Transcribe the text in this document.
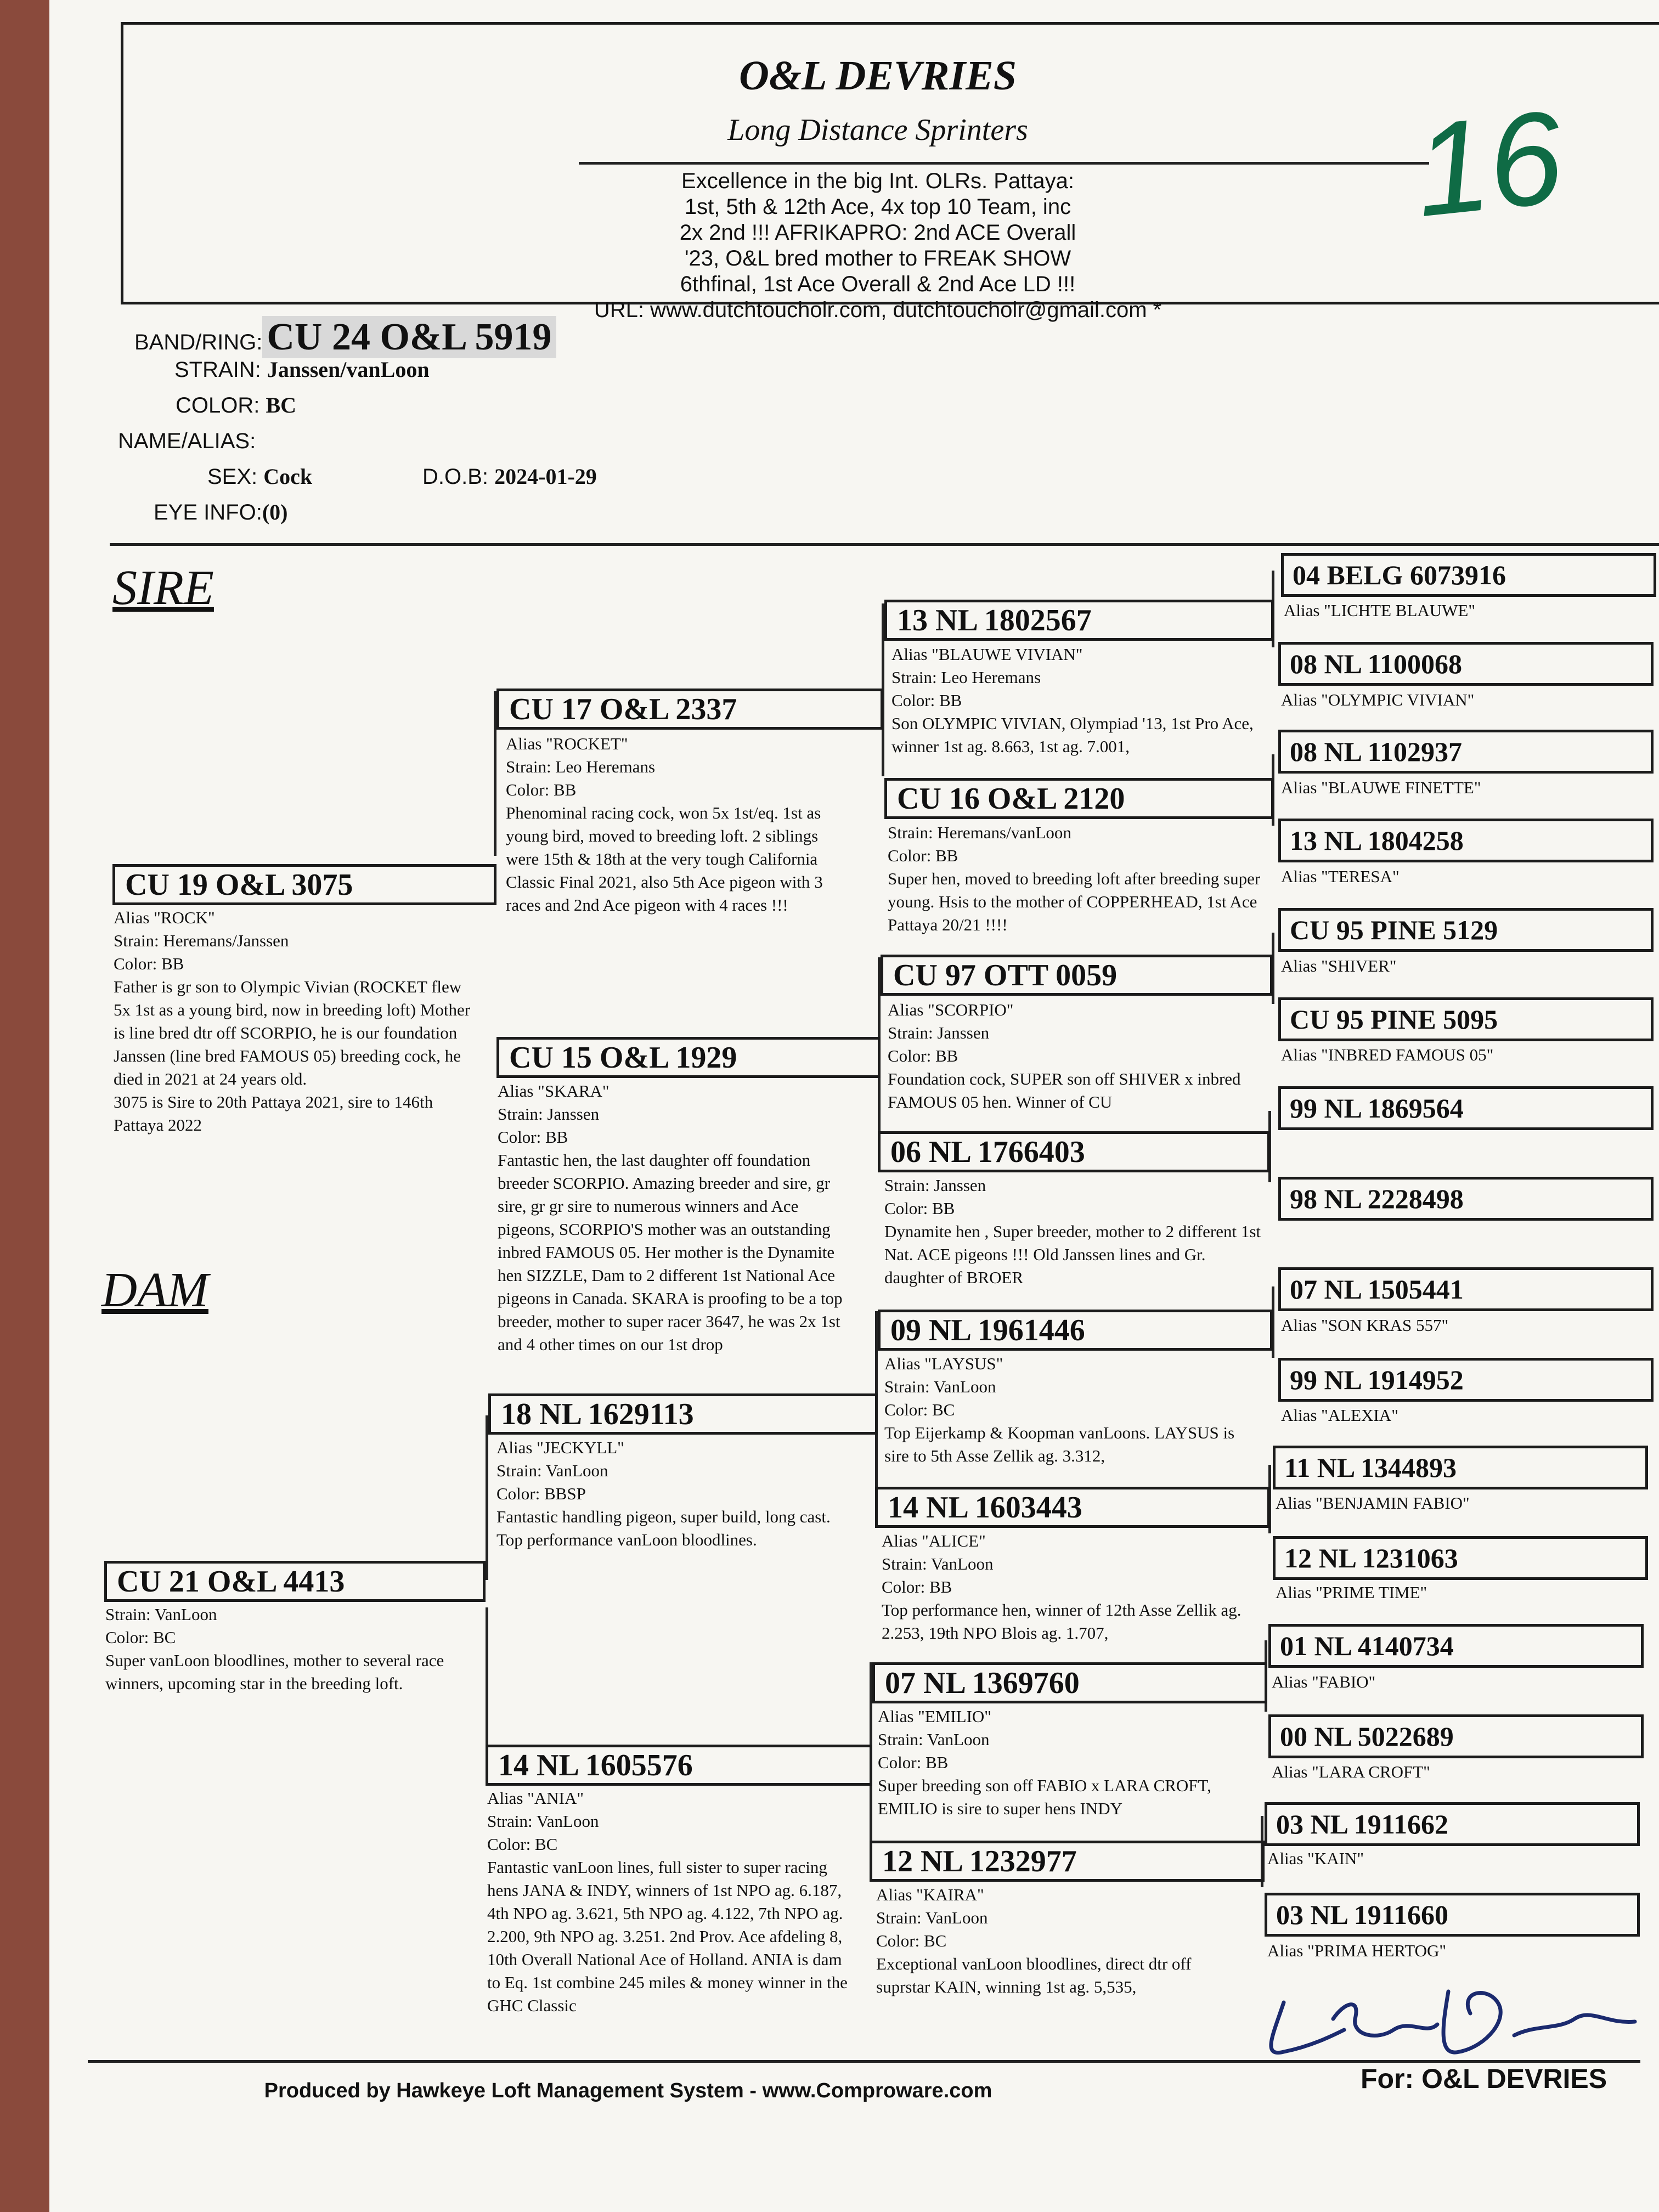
O&L DEVRIES
Long Distance Sprinters
Excellence in the big Int. OLRs. Pattaya:
1st, 5th & 12th Ace, 4x top 10 Team, inc
2x 2nd !!! AFRIKAPRO: 2nd ACE Overall
'23, O&L bred mother to FREAK SHOW
6thfinal, 1st Ace Overall & 2nd Ace LD !!!
URL: www.dutchtoucholr.com, dutchtoucholr@gmail.com *
16
BAND/RING: CU 24 O&L 5919
STRAIN: Janssen/vanLoon
COLOR: BC
NAME/ALIAS:
SEX: Cock	D.O.B: 2024-01-29
EYE INFO:(0)
SIRE
DAM
CU 19 O&L 3075
Alias "ROCK"
Strain: Heremans/Janssen
Color: BB
Father is gr son to Olympic Vivian (ROCKET flew 5x 1st as a young bird, now in breeding loft) Mother is line bred dtr off SCORPIO, he is our foundation Janssen (line bred FAMOUS 05) breeding cock, he died in 2021 at 24 years old.
3075 is Sire to 20th Pattaya 2021, sire to 146th Pattaya 2022
CU 21 O&L 4413
Strain: VanLoon
Color: BC
Super vanLoon bloodlines, mother to several race winners, upcoming star in the breeding loft.
CU 17 O&L 2337
Alias "ROCKET"
Strain: Leo Heremans
Color: BB
Phenominal racing cock, won 5x 1st/eq. 1st as young bird, moved to breeding loft. 2 siblings were 15th & 18th at the very tough California Classic Final 2021, also 5th Ace pigeon with 3 races and 2nd Ace pigeon with 4 races !!!
CU 15 O&L 1929
Alias "SKARA"
Strain: Janssen
Color: BB
Fantastic hen, the last daughter off foundation breeder SCORPIO. Amazing breeder and sire, gr sire, gr gr sire to numerous winners and Ace pigeons, SCORPIO'S mother was an outstanding inbred FAMOUS 05. Her mother is the Dynamite hen SIZZLE, Dam to 2 different 1st National Ace pigeons in Canada. SKARA is proofing to be a top breeder, mother to super racer 3647, he was 2x 1st and 4 other times on our 1st drop
18 NL 1629113
Alias "JECKYLL"
Strain: VanLoon
Color: BBSP
Fantastic handling pigeon, super build, long cast. Top performance vanLoon bloodlines.
14 NL 1605576
Alias "ANIA"
Strain: VanLoon
Color: BC
Fantastic vanLoon lines, full sister to super racing hens JANA & INDY, winners of 1st NPO ag. 6.187, 4th NPO ag. 3.621, 5th NPO ag. 4.122, 7th NPO ag. 2.200, 9th NPO ag. 3.251. 2nd Prov. Ace afdeling 8, 10th Overall National Ace of Holland. ANIA is dam to Eq. 1st combine 245 miles & money winner in the GHC Classic
13 NL 1802567
Alias "BLAUWE VIVIAN"
Strain: Leo Heremans
Color: BB
Son OLYMPIC VIVIAN, Olympiad '13, 1st Pro Ace, winner 1st ag. 8.663, 1st ag. 7.001,
CU 16 O&L 2120
Strain: Heremans/vanLoon
Color: BB
Super hen, moved to breeding loft after breeding super young. Hsis to the mother of COPPERHEAD, 1st Ace Pattaya 20/21 !!!!
CU 97 OTT 0059
Alias "SCORPIO"
Strain: Janssen
Color: BB
Foundation cock, SUPER son off SHIVER x inbred FAMOUS 05 hen. Winner of CU
06 NL 1766403
Strain: Janssen
Color: BB
Dynamite hen , Super breeder, mother to 2 different 1st Nat. ACE pigeons !!! Old Janssen lines and Gr. daughter of BROER
09 NL 1961446
Alias "LAYSUS"
Strain: VanLoon
Color: BC
Top Eijerkamp & Koopman vanLoons. LAYSUS is sire to 5th Asse Zellik ag. 3.312,
14 NL 1603443
Alias "ALICE"
Strain: VanLoon
Color: BB
Top performance hen, winner of 12th Asse Zellik ag. 2.253, 19th NPO Blois ag. 1.707,
07 NL 1369760
Alias "EMILIO"
Strain: VanLoon
Color: BB
Super breeding son off FABIO x LARA CROFT, EMILIO is sire to super hens INDY
12 NL 1232977
Alias "KAIRA"
Strain: VanLoon
Color: BC
Exceptional vanLoon bloodlines, direct dtr off suprstar KAIN, winning 1st ag. 5,535,
04 BELG 6073916
Alias "LICHTE BLAUWE"
08 NL 1100068
Alias "OLYMPIC VIVIAN"
08 NL 1102937
Alias "BLAUWE FINETTE"
13 NL 1804258
Alias "TERESA"
CU 95 PINE 5129
Alias "SHIVER"
CU 95 PINE 5095
Alias "INBRED FAMOUS 05"
99 NL 1869564
98 NL 2228498
07 NL 1505441
Alias "SON KRAS 557"
99 NL 1914952
Alias "ALEXIA"
11 NL 1344893
Alias "BENJAMIN FABIO"
12 NL 1231063
Alias "PRIME TIME"
01 NL 4140734
Alias "FABIO"
00 NL 5022689
Alias "LARA CROFT"
03 NL 1911662
Alias "KAIN"
03 NL 1911660
Alias "PRIMA HERTOG"
For: O&L DEVRIES
Produced by Hawkeye Loft Management System - www.Comproware.com
